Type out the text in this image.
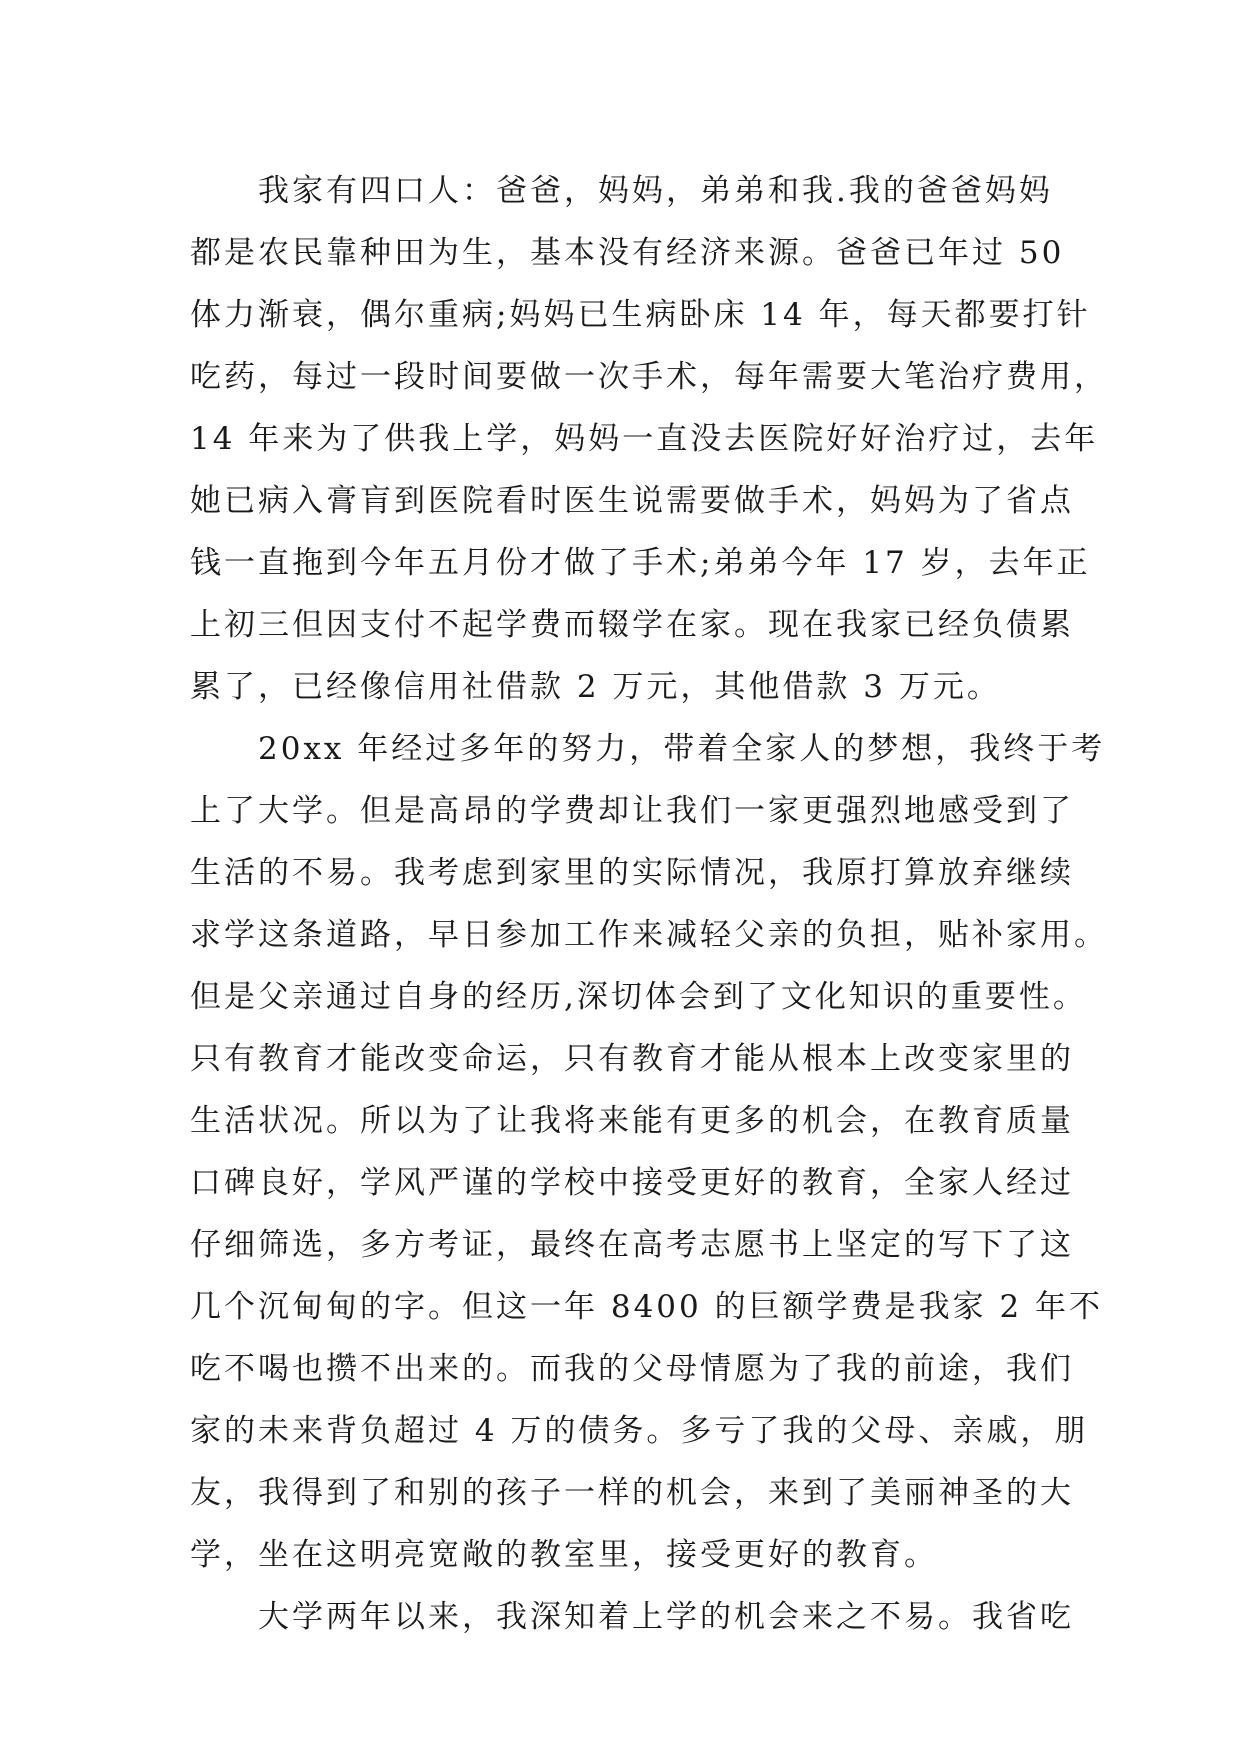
我家有四口人：爸爸，妈妈，弟弟和我.我的爸爸妈妈
都是农民靠种田为生，基本没有经济来源。爸爸已年过 50
体力渐衰，偶尔重病;妈妈已生病卧床 14 年，每天都要打针
吃药，每过一段时间要做一次手术，每年需要大笔治疗费用，
14 年来为了供我上学，妈妈一直没去医院好好治疗过，去年
她已病入膏肓到医院看时医生说需要做手术，妈妈为了省点
钱一直拖到今年五月份才做了手术;弟弟今年 17 岁，去年正
上初三但因支付不起学费而辍学在家。现在我家已经负债累
累了，已经像信用社借款 2 万元，其他借款 3 万元。
20xx 年经过多年的努力，带着全家人的梦想，我终于考
上了大学。但是高昂的学费却让我们一家更强烈地感受到了
生活的不易。我考虑到家里的实际情况，我原打算放弃继续
求学这条道路，早日参加工作来减轻父亲的负担，贴补家用。
但是父亲通过自身的经历,深切体会到了文化知识的重要性。
只有教育才能改变命运，只有教育才能从根本上改变家里的
生活状况。所以为了让我将来能有更多的机会，在教育质量
口碑良好，学风严谨的学校中接受更好的教育，全家人经过
仔细筛选，多方考证，最终在高考志愿书上坚定的写下了这
几个沉甸甸的字。但这一年 8400 的巨额学费是我家 2 年不
吃不喝也攒不出来的。而我的父母情愿为了我的前途，我们
家的未来背负超过 4 万的债务。多亏了我的父母、亲戚，朋
友，我得到了和别的孩子一样的机会，来到了美丽神圣的大
学，坐在这明亮宽敞的教室里，接受更好的教育。
大学两年以来，我深知着上学的机会来之不易。我省吃
